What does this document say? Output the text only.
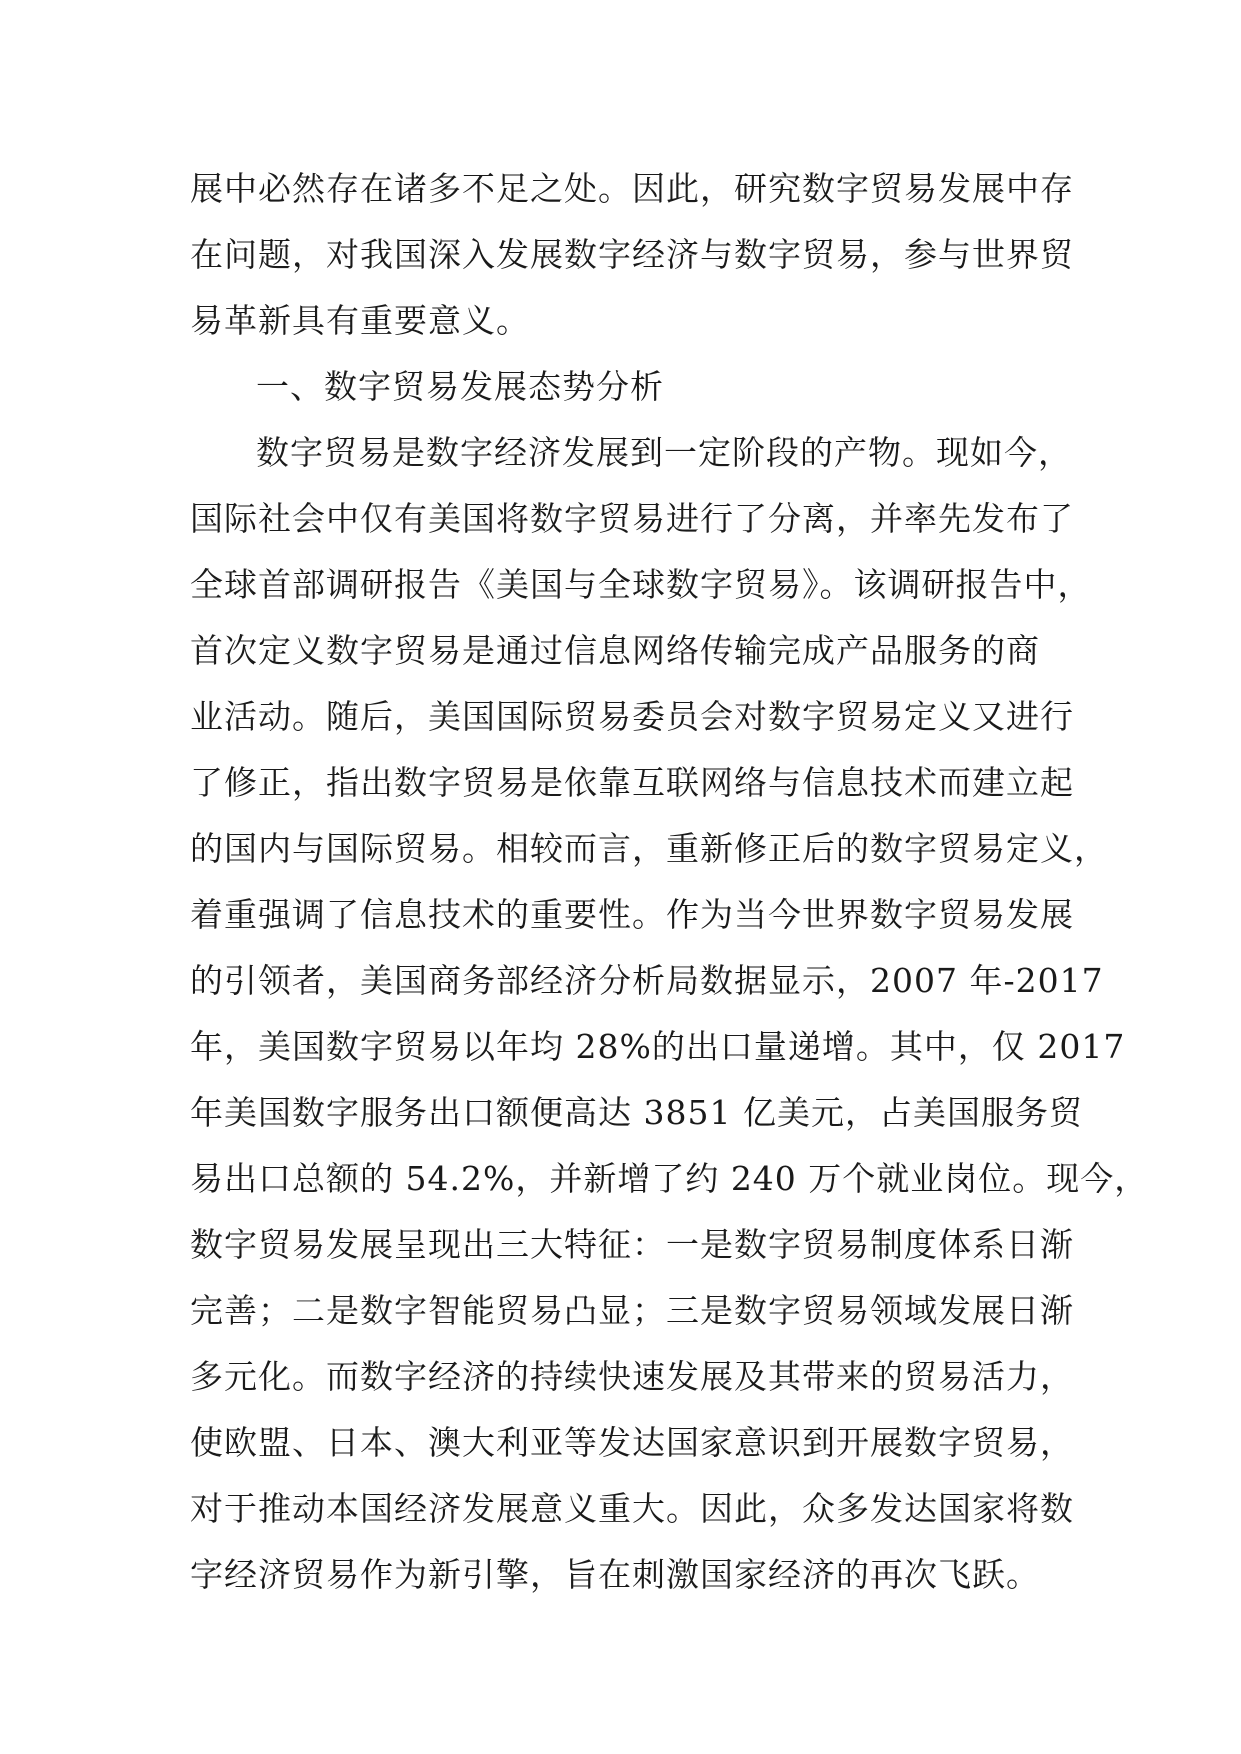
展中必然存在诸多不足之处。因此，研究数字贸易发展中存
在问题，对我国深入发展数字经济与数字贸易，参与世界贸
易革新具有重要意义。
一、数字贸易发展态势分析
数字贸易是数字经济发展到一定阶段的产物。现如今，
国际社会中仅有美国将数字贸易进行了分离，并率先发布了
全球首部调研报告《美国与全球数字贸易》。该调研报告中，
首次定义数字贸易是通过信息网络传输完成产品服务的商
业活动。随后，美国国际贸易委员会对数字贸易定义又进行
了修正，指出数字贸易是依靠互联网络与信息技术而建立起
的国内与国际贸易。相较而言，重新修正后的数字贸易定义，
着重强调了信息技术的重要性。作为当今世界数字贸易发展
的引领者，美国商务部经济分析局数据显示，2007 年-2017
年，美国数字贸易以年均 28%的出口量递增。其中，仅 2017
年美国数字服务出口额便高达 3851 亿美元，占美国服务贸
易出口总额的 54.2%，并新增了约 240 万个就业岗位。现今，
数字贸易发展呈现出三大特征：一是数字贸易制度体系日渐
完善；二是数字智能贸易凸显；三是数字贸易领域发展日渐
多元化。而数字经济的持续快速发展及其带来的贸易活力，
使欧盟、日本、澳大利亚等发达国家意识到开展数字贸易，
对于推动本国经济发展意义重大。因此，众多发达国家将数
字经济贸易作为新引擎，旨在刺激国家经济的再次飞跃。
